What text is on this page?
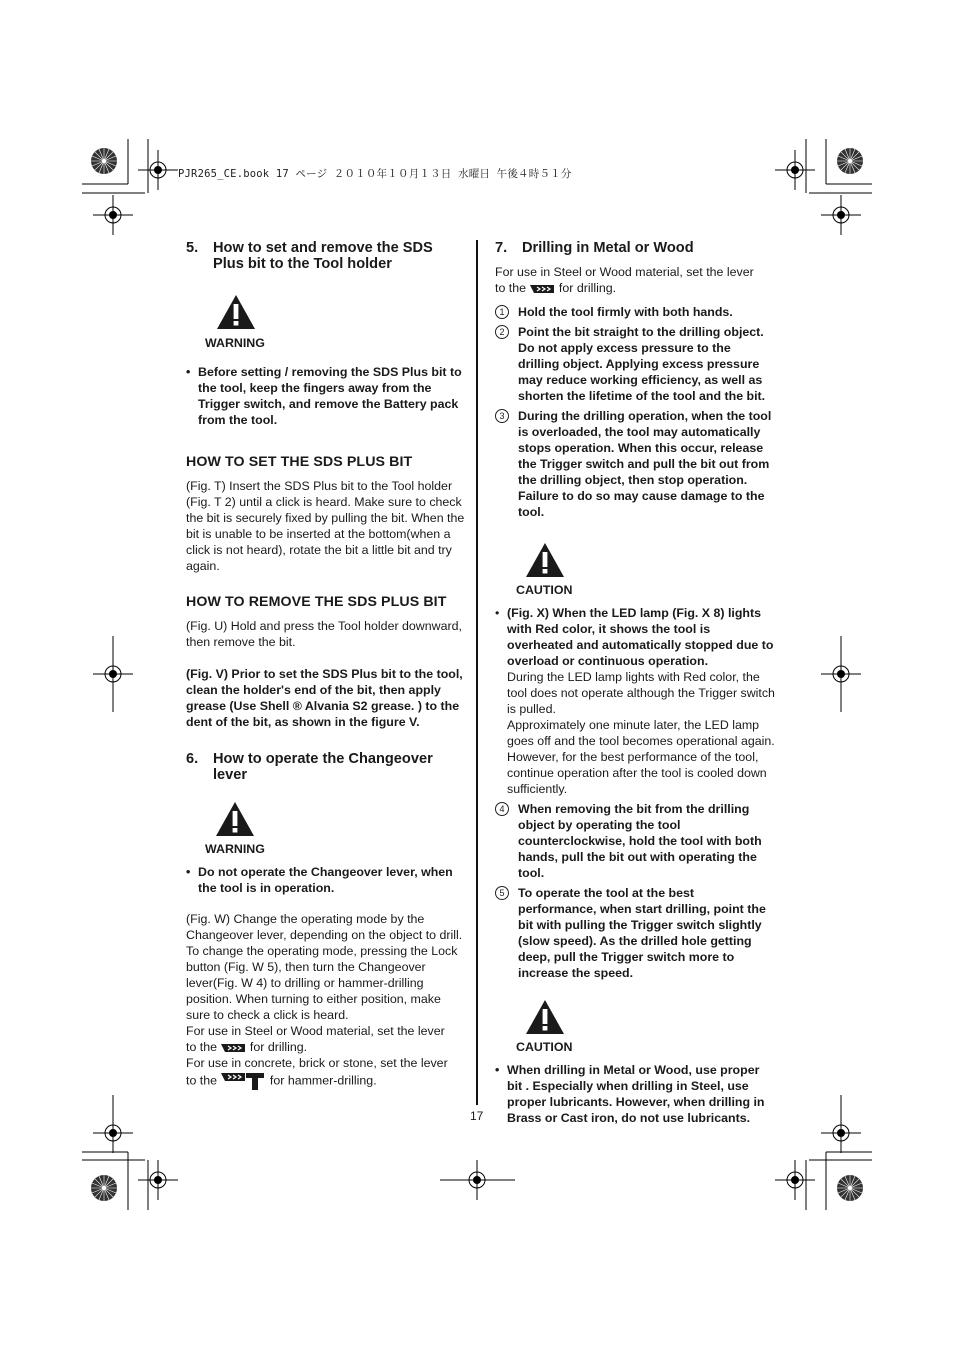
PJR265_CE.book 17 ページ ２０１０年１０月１３日 水曜日 午後４時５１分
5. How to set and remove the SDS Plus bit to the Tool holder
WARNING

• Before setting / removing the SDS Plus bit to the tool, keep the fingers away from the Trigger switch, and remove the Battery pack from the tool.

HOW TO SET THE SDS PLUS BIT

(Fig. T) Insert the SDS Plus bit to the Tool holder (Fig. T 2) until a click is heard. Make sure to check the bit is securely fixed by pulling the bit. When the bit is unable to be inserted at the bottom(when a click is not heard), rotate the bit a little bit and try again.

HOW TO REMOVE THE SDS PLUS BIT

(Fig. U) Hold and press the Tool holder downward, then remove the bit.

(Fig. V) Prior to set the SDS Plus bit to the tool, clean the holder's end of the bit, then apply grease (Use Shell ® Alvania S2 grease. ) to the dent of the bit, as shown in the figure V.

6. How to operate the Changeover lever
WARNING

• Do not operate the Changeover lever, when the tool is in operation.

(Fig. W) Change the operating mode by the Changeover lever, depending on the object to drill.

To change the operating mode, pressing the Lock button (Fig. W 5), then turn the Changeover lever(Fig. W 4) to drilling or hammer-drilling position. When turning to either position, make sure to check a click is heard.

For use in Steel or Wood material, set the lever

to the	for drilling.

For use in concrete, brick or stone, set the lever

to the	for hammer-drilling.

7. Drilling in Metal or Wood

For use in Steel or Wood material, set the lever

to the	for drilling.

1	Hold the tool firmly with both hands.

2	Point the bit straight to the drilling object. Do not apply excess pressure to the drilling object. Applying excess pressure may reduce working efficiency, as well as shorten the lifetime of the tool and the bit.

3	During the drilling operation, when the tool is overloaded, the tool may automatically stops operation. When this occur, release the Trigger switch and pull the bit out from the drilling object, then stop operation.
Failure to do so may cause damage to the tool.

CAUTION
• (Fig. X) When the LED lamp (Fig. X 8) lights with Red color, it shows the tool is overheated and automatically stopped due to overload or continuous operation.
During the LED lamp lights with Red color, the tool does not operate although the Trigger switch is pulled.
Approximately one minute later, the LED lamp goes off and the tool becomes operational again. However, for the best performance of the tool, continue operation after the tool is cooled down sufficiently.

4	When removing the bit from the drilling object by operating the tool counterclockwise, hold the tool with both hands, pull the bit out with operating the tool.

5	To operate the tool at the best performance, when start drilling, point the bit with pulling the Trigger switch slightly (slow speed). As the drilled hole getting deep, pull the Trigger switch more to increase the speed.

CAUTION

• When drilling in Metal or Wood, use proper bit . Especially when drilling in Steel, use proper lubricants. However, when drilling in Brass or Cast iron, do not use lubricants.

17
